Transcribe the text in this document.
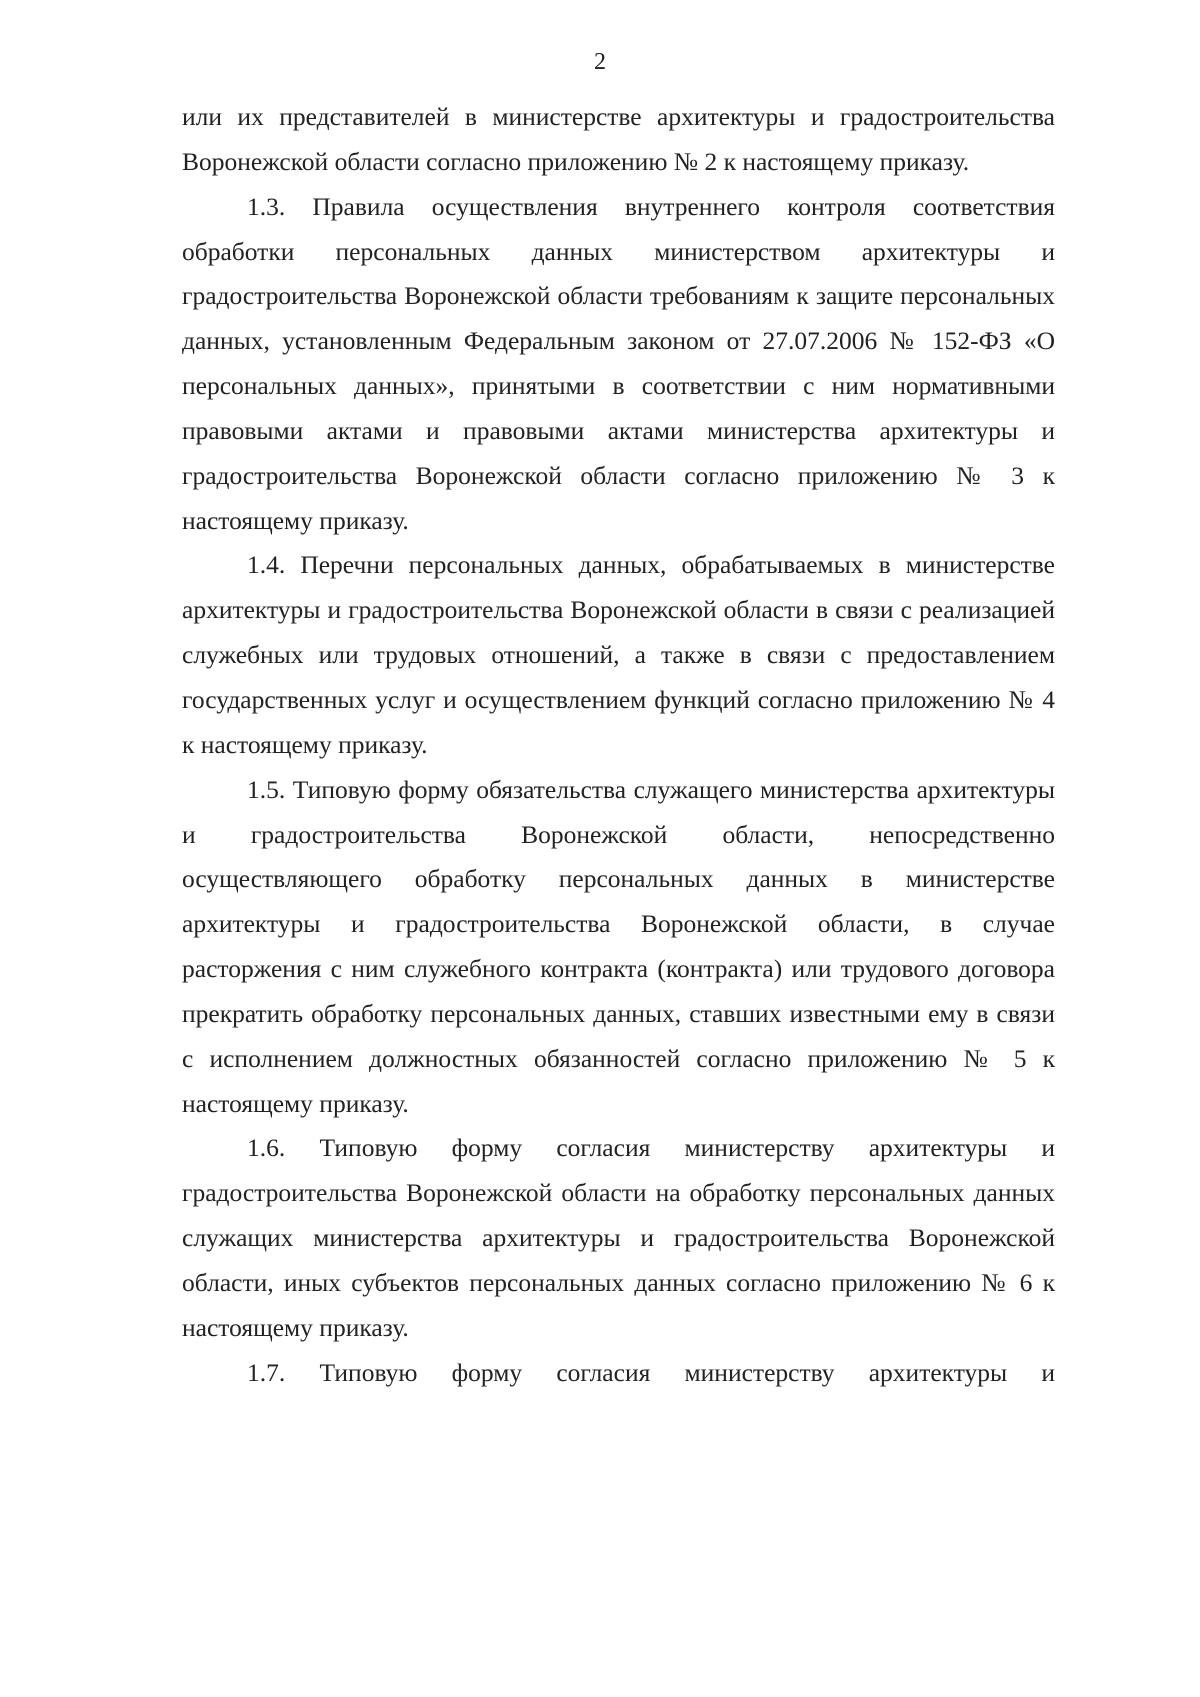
2

или их представителей в министерстве архитектуры и градостроительства Воронежской области согласно приложению № 2 к настоящему приказу.

1.3. Правила осуществления внутреннего контроля соответствия обработки персональных данных министерством архитектуры и градостроительства Воронежской области требованиям к защите персональных данных, установленным Федеральным законом от 27.07.2006 № 152-ФЗ «О персональных данных», принятыми в соответствии с ним нормативными правовыми актами и правовыми актами министерства архитектуры и градостроительства Воронежской области согласно приложению № 3 к настоящему приказу.

1.4. Перечни персональных данных, обрабатываемых в министерстве архитектуры и градостроительства Воронежской области в связи с реализацией служебных или трудовых отношений, а также в связи с предоставлением государственных услуг и осуществлением функций согласно приложению № 4 к настоящему приказу.

1.5. Типовую форму обязательства служащего министерства архитектуры и градостроительства Воронежской области, непосредственно осуществляющего обработку персональных данных в министерстве архитектуры и градостроительства Воронежской области, в случае расторжения с ним служебного контракта (контракта) или трудового договора прекратить обработку персональных данных, ставших известными ему в связи с исполнением должностных обязанностей согласно приложению № 5 к настоящему приказу.

1.6. Типовую форму согласия министерству архитектуры и градостроительства Воронежской области на обработку персональных данных служащих министерства архитектуры и градостроительства Воронежской области, иных субъектов персональных данных согласно приложению № 6 к настоящему приказу.

1.7. Типовую форму согласия министерству архитектуры и
